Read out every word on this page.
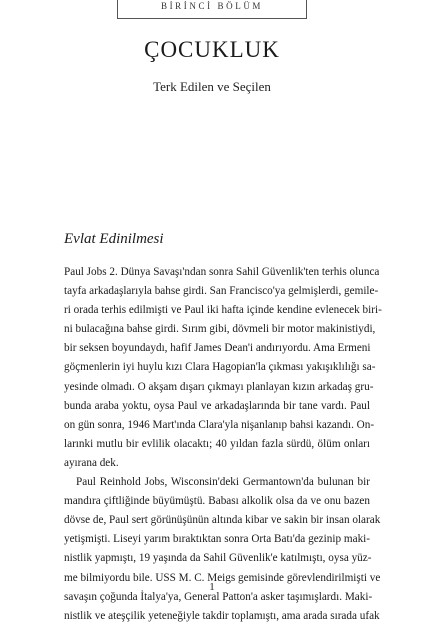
BİRİNCİ BÖLÜM
ÇOCUKLUK
Terk Edilen ve Seçilen
Evlat Edinilmesi
Paul Jobs 2. Dünya Savaşı'ndan sonra Sahil Güvenlik'ten terhis olunca
tayfa arkadaşlarıyla bahse girdi. San Francisco'ya gelmişlerdi, gemile-
ri orada terhis edilmişti ve Paul iki hafta içinde kendine evlenecek biri-
ni bulacağına bahse girdi. Sırım gibi, dövmeli bir motor makinistiydi,
bir seksen boyundaydı, hafif James Dean'i andırıyordu. Ama Ermeni
göçmenlerin iyi huylu kızı Clara Hagopian'la çıkması yakışıklılığı sa-
yesinde olmadı. O akşam dışarı çıkmayı planlayan kızın arkadaş gru-
bunda araba yoktu, oysa Paul ve arkadaşlarında bir tane vardı. Paul
on gün sonra, 1946 Mart'ında Clara'yla nişanlanıp bahsi kazandı. On-
larınki mutlu bir evlilik olacaktı; 40 yıldan fazla sürdü, ölüm onları
ayırana dek.
Paul Reinhold Jobs, Wisconsin'deki Germantown'da bulunan bir
mandıra çiftliğinde büyümüştü. Babası alkolik olsa da ve onu bazen
dövse de, Paul sert görünüşünün altında kibar ve sakin bir insan olarak
yetişmişti. Liseyi yarım bıraktıktan sonra Orta Batı'da gezinip maki-
nistlik yapmıştı, 19 yaşında da Sahil Güvenlik'e katılmıştı, oysa yüz-
me bilmiyordu bile. USS M. C. Meigs gemisinde görevlendirilmişti ve
savaşın çoğunda İtalya'ya, General Patton'a asker taşımışlardı. Maki-
nistlik ve ateşçilik yeteneğiyle takdir toplamıştı, ama arada sırada ufak
1
